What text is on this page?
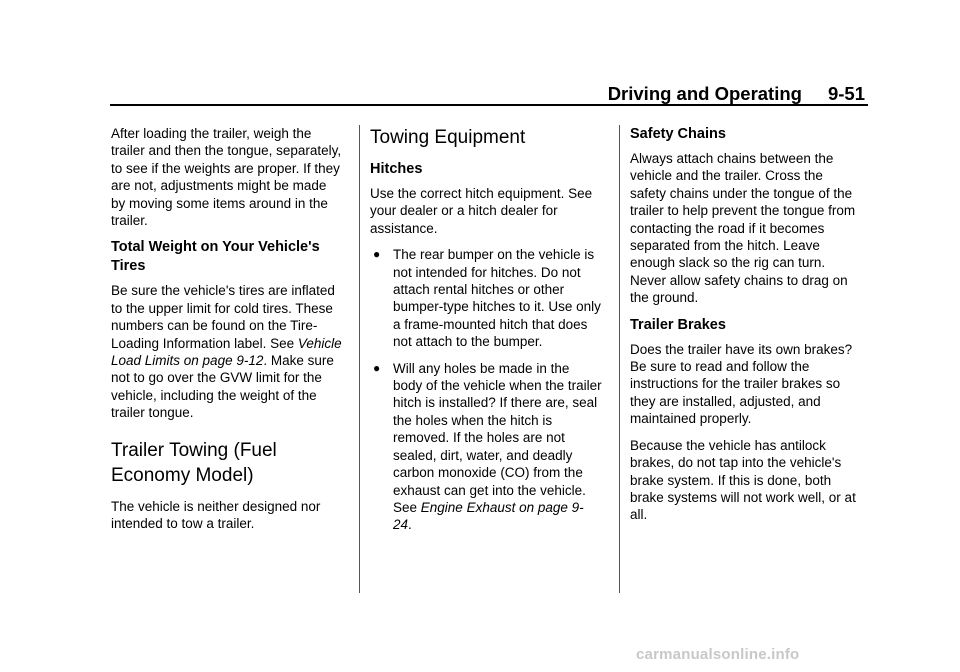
Driving and Operating 9-51

After loading the trailer, weigh the trailer and then the tongue, separately, to see if the weights are proper. If they are not, adjustments might be made by moving some items around in the trailer.

Total Weight on Your Vehicle's Tires

Be sure the vehicle's tires are inflated to the upper limit for cold tires. These numbers can be found on the Tire-Loading Information label. See Vehicle Load Limits on page 9-12. Make sure not to go over the GVW limit for the vehicle, including the weight of the trailer tongue.

Trailer Towing (Fuel Economy Model)

The vehicle is neither designed nor intended to tow a trailer.

Towing Equipment
Hitches

Use the correct hitch equipment. See your dealer or a hitch dealer for assistance.

● The rear bumper on the vehicle is not intended for hitches. Do not attach rental hitches or other bumper-type hitches to it. Use only a frame-mounted hitch that does not attach to the bumper.
● Will any holes be made in the body of the vehicle when the trailer hitch is installed? If there are, seal the holes when the hitch is removed. If the holes are not sealed, dirt, water, and deadly carbon monoxide (CO) from the exhaust can get into the vehicle. See Engine Exhaust on page 9-24.
Safety Chains

Always attach chains between the vehicle and the trailer. Cross the safety chains under the tongue of the trailer to help prevent the tongue from contacting the road if it becomes separated from the hitch. Leave enough slack so the rig can turn. Never allow safety chains to drag on the ground.

Trailer Brakes

Does the trailer have its own brakes? Be sure to read and follow the instructions for the trailer brakes so they are installed, adjusted, and maintained properly.

Because the vehicle has antilock brakes, do not tap into the vehicle's brake system. If this is done, both brake systems will not work well, or at all.

carmanualsonline.info
